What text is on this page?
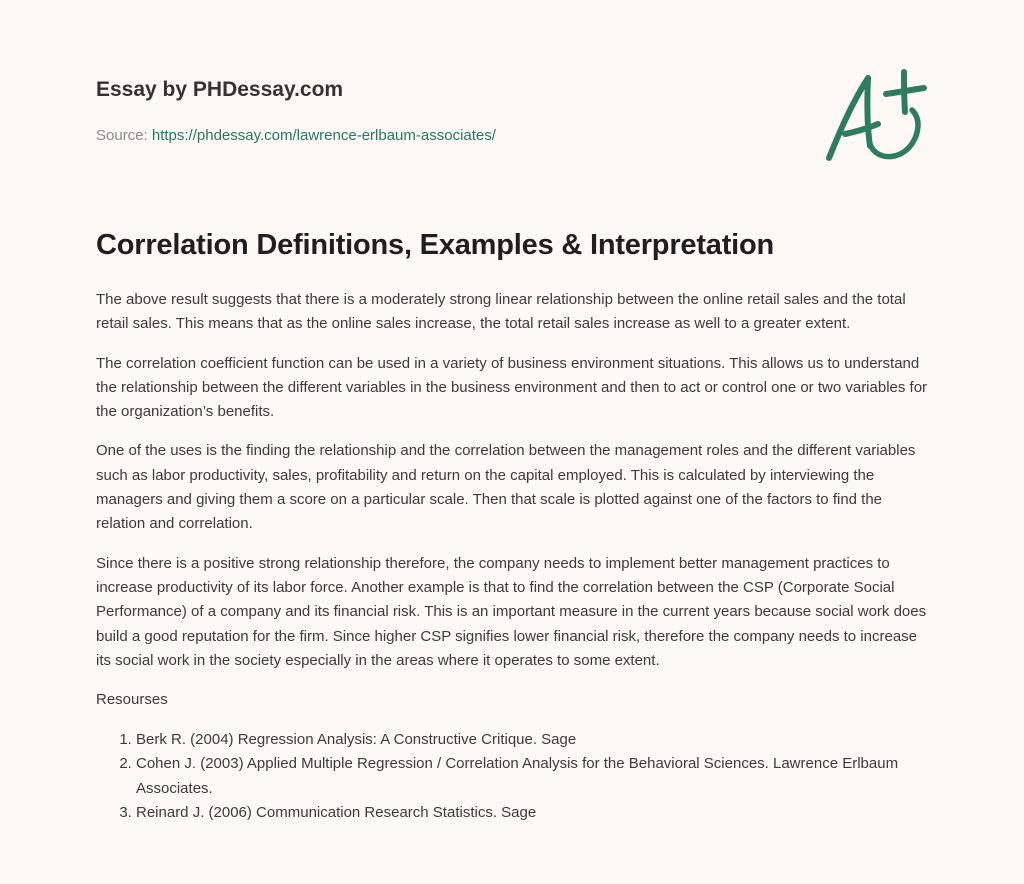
Essay by PHDessay.com
Source: https://phdessay.com/lawrence-erlbaum-associates/
Correlation Definitions, Examples & Interpretation

The above result suggests that there is a moderately strong linear relationship between the online retail sales and the total retail sales. This means that as the online sales increase, the total retail sales increase as well to a greater extent.

The correlation coefficient function can be used in a variety of business environment situations. This allows us to understand the relationship between the different variables in the business environment and then to act or control one or two variables for the organization’s benefits.

One of the uses is the finding the relationship and the correlation between the management roles and the different variables such as labor productivity, sales, profitability and return on the capital employed. This is calculated by interviewing the managers and giving them a score on a particular scale. Then that scale is plotted against one of the factors to find the relation and correlation.

Since there is a positive strong relationship therefore, the company needs to implement better management practices to increase productivity of its labor force. Another example is that to find the correlation between the CSP (Corporate Social Performance) of a company and its financial risk. This is an important measure in the current years because social work does build a good reputation for the firm. Since higher CSP signifies lower financial risk, therefore the company needs to increase its social work in the society especially in the areas where it operates to some extent.

Resourses

1. Berk R. (2004) Regression Analysis: A Constructive Critique. Sage
2. Cohen J. (2003) Applied Multiple Regression / Correlation Analysis for the Behavioral Sciences. Lawrence Erlbaum Associates.
3. Reinard J. (2006) Communication Research Statistics. Sage
